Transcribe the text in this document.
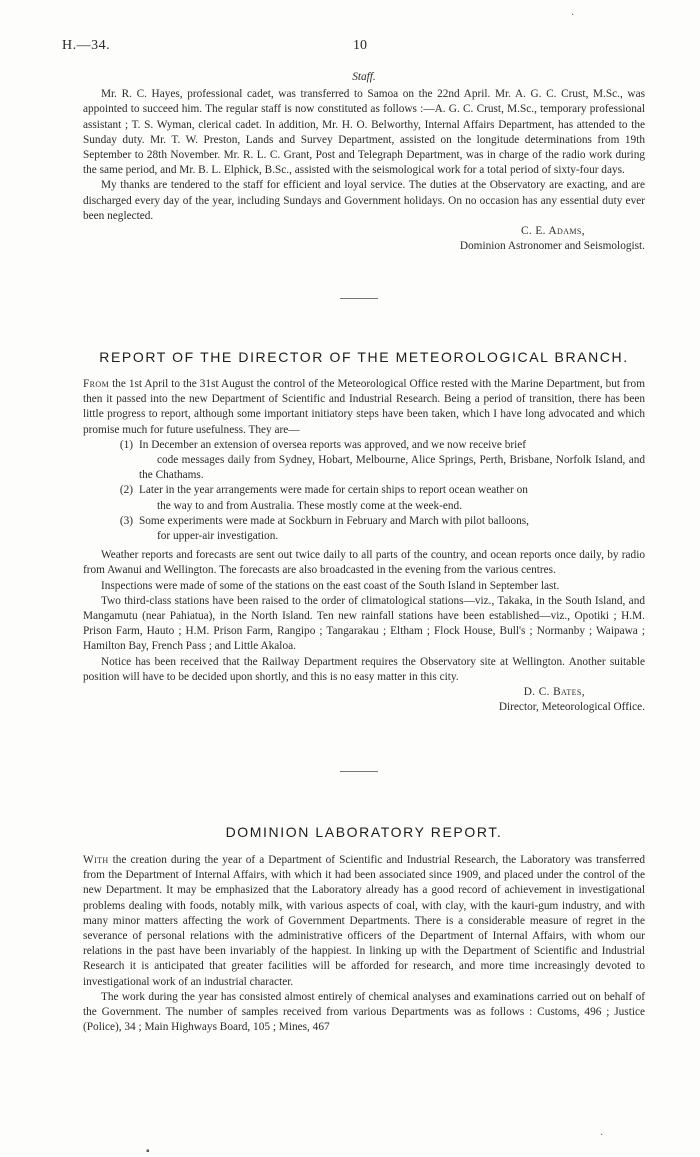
H.—34.	10

Staff.

Mr. R. C. Hayes, professional cadet, was transferred to Samoa on the 22nd April. Mr. A. G. C. Crust, M.Sc., was appointed to succeed him. The regular staff is now constituted as follows :—A. G. C. Crust, M.Sc., temporary professional assistant ; T. S. Wyman, clerical cadet. In addition, Mr. H. O. Belworthy, Internal Affairs Department, has attended to the Sunday duty. Mr. T. W. Preston, Lands and Survey Department, assisted on the longitude determinations from 19th September to 28th November. Mr. R. L. C. Grant, Post and Telegraph Department, was in charge of the radio work during the same period, and Mr. B. L. Elphick, B.Sc., assisted with the seismological work for a total period of sixty-four days.

My thanks are tendered to the staff for efficient and loyal service. The duties at the Observatory are exacting, and are discharged every day of the year, including Sundays and Government holidays. On no occasion has any essential duty ever been neglected.

C. E. Adams,

Dominion Astronomer and Seismologist.

REPORT OF THE DIRECTOR OF THE METEOROLOGICAL BRANCH.

From the 1st April to the 31st August the control of the Meteorological Office rested with the Marine Department, but from then it passed into the new Department of Scientific and Industrial Research. Being a period of transition, there has been little progress to report, although some important initiatory steps have been taken, which I have long advocated and which promise much for future usefulness. They are—

(1) In December an extension of oversea reports was approved, and we now receive brief
code messages daily from Sydney, Hobart, Melbourne, Alice Springs, Perth, Brisbane, Norfolk Island, and the Chathams.
(2) Later in the year arrangements were made for certain ships to report ocean weather on
the way to and from Australia. These mostly come at the week-end.
(3) Some experiments were made at Sockburn in February and March with pilot balloons,
for upper-air investigation.

Weather reports and forecasts are sent out twice daily to all parts of the country, and ocean reports once daily, by radio from Awanui and Wellington. The forecasts are also broadcasted in the evening from the various centres.

Inspections were made of some of the stations on the east coast of the South Island in September last.

Two third-class stations have been raised to the order of climatological stations—viz., Takaka, in the South Island, and Mangamutu (near Pahiatua), in the North Island. Ten new rainfall stations have been established—viz., Opotiki ; H.M. Prison Farm, Hauto ; H.M. Prison Farm, Rangipo ; Tangarakau ; Eltham ; Flock House, Bull's ; Normanby ; Waipawa ; Hamilton Bay, French Pass ; and Little Akaloa.

Notice has been received that the Railway Department requires the Observatory site at Wellington. Another suitable position will have to be decided upon shortly, and this is no easy matter in this city.

D. C. Bates,

Director, Meteorological Office.

DOMINION LABORATORY REPORT.

With the creation during the year of a Department of Scientific and Industrial Research, the Laboratory was transferred from the Department of Internal Affairs, with which it had been associated since 1909, and placed under the control of the new Department. It may be emphasized that the Laboratory already has a good record of achievement in investigational problems dealing with foods, notably milk, with various aspects of coal, with clay, with the kauri-gum industry, and with many minor matters affecting the work of Government Departments. There is a considerable measure of regret in the severance of personal relations with the administrative officers of the Department of Internal Affairs, with whom our relations in the past have been invariably of the happiest. In linking up with the Department of Scientific and Industrial Research it is anticipated that greater facilities will be afforded for research, and more time increasingly devoted to investigational work of an industrial character.

The work during the year has consisted almost entirely of chemical analyses and examinations carried out on behalf of the Government. The number of samples received from various Departments was as follows : Customs, 496 ; Justice (Police), 34 ; Main Highways Board, 105 ; Mines, 467

·
·
▪
